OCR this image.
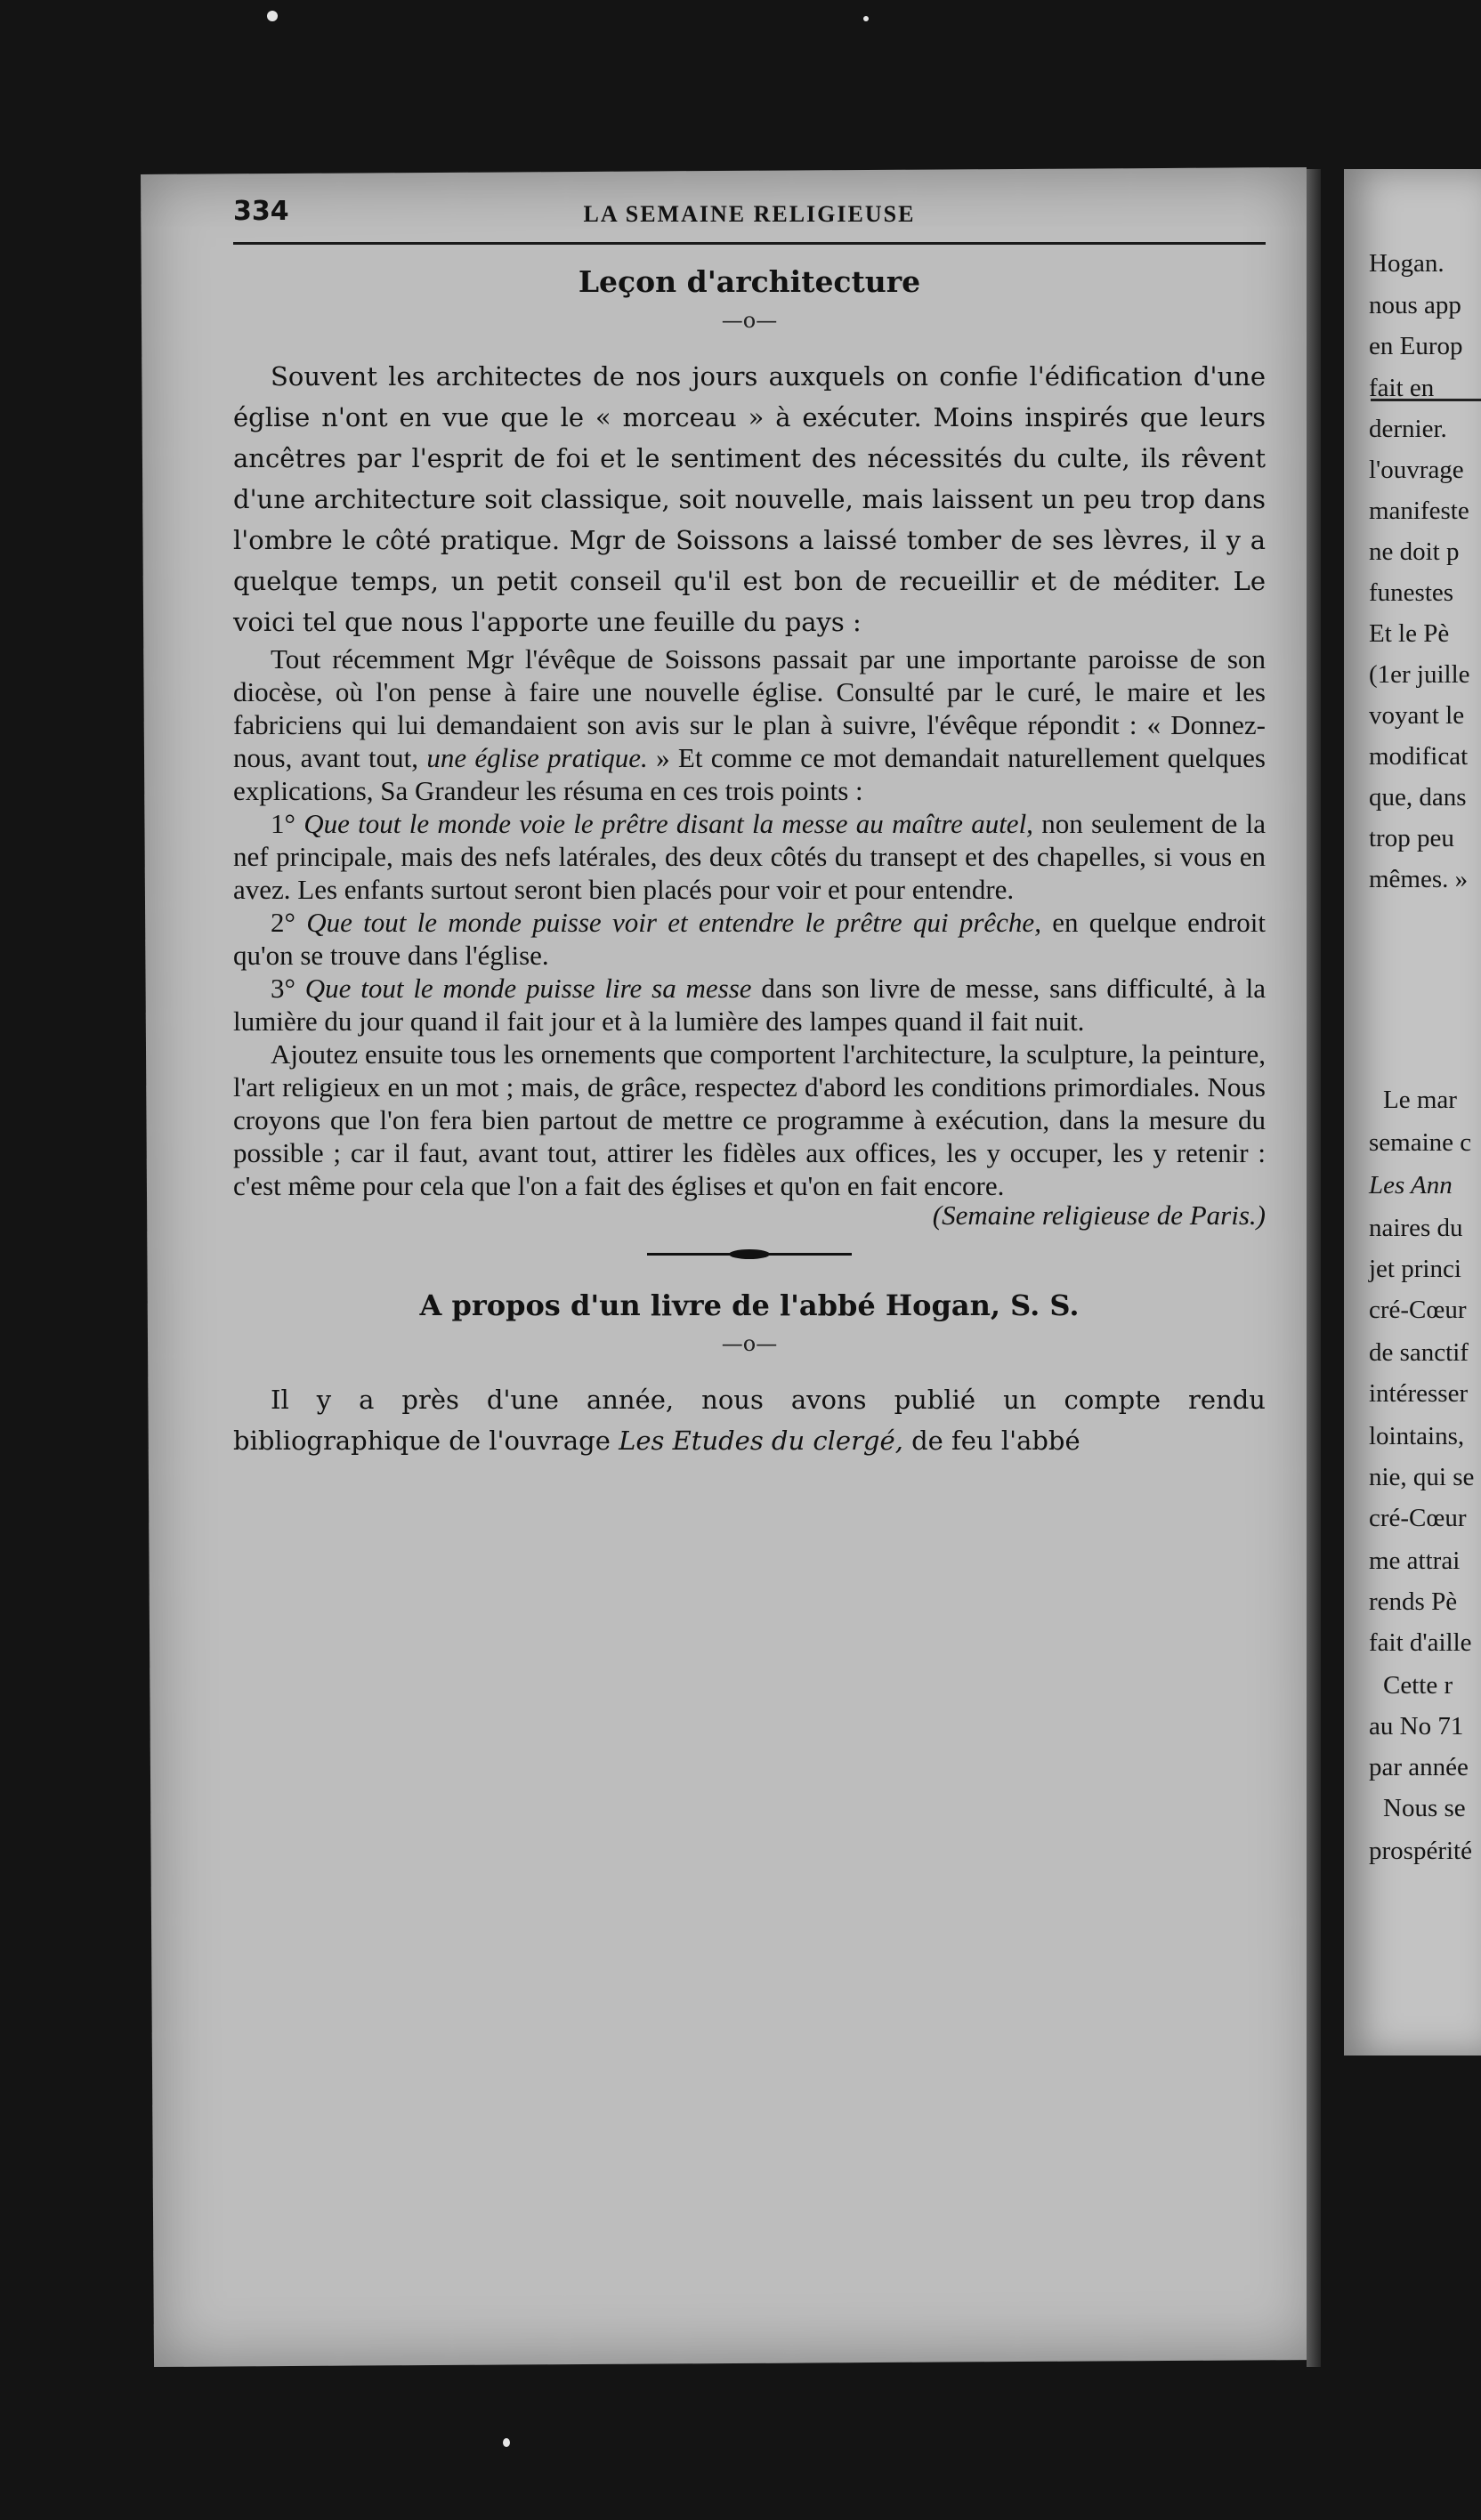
334	LA SEMAINE RELIGIEUSE
Leçon d'architecture
—o—

Souvent les architectes de nos jours auxquels on confie l'édification d'une église n'ont en vue que le « morceau » à exécuter. Moins inspirés que leurs ancêtres par l'esprit de foi et le sentiment des nécessités du culte, ils rêvent d'une architecture soit classique, soit nouvelle, mais laissent un peu trop dans l'ombre le côté pratique. Mgr de Soissons a laissé tomber de ses lèvres, il y a quelque temps, un petit conseil qu'il est bon de recueillir et de méditer. Le voici tel que nous l'apporte une feuille du pays :

Tout récemment Mgr l'évêque de Soissons passait par une importante paroisse de son diocèse, où l'on pense à faire une nouvelle église. Consulté par le curé, le maire et les fabriciens qui lui demandaient son avis sur le plan à suivre, l'évêque répondit : « Donnez-nous, avant tout, une église pratique. » Et comme ce mot demandait naturellement quelques explications, Sa Grandeur les résuma en ces trois points :

1° Que tout le monde voie le prêtre disant la messe au maître autel, non seulement de la nef principale, mais des nefs latérales, des deux côtés du transept et des chapelles, si vous en avez. Les enfants surtout seront bien placés pour voir et pour entendre.

2° Que tout le monde puisse voir et entendre le prêtre qui prêche, en quelque endroit qu'on se trouve dans l'église.

3° Que tout le monde puisse lire sa messe dans son livre de messe, sans difficulté, à la lumière du jour quand il fait jour et à la lumière des lampes quand il fait nuit.

Ajoutez ensuite tous les ornements que comportent l'architecture, la sculpture, la peinture, l'art religieux en un mot ; mais, de grâce, respectez d'abord les conditions primordiales. Nous croyons que l'on fera bien partout de mettre ce programme à exécution, dans la mesure du possible ; car il faut, avant tout, attirer les fidèles aux offices, les y occuper, les y retenir : c'est même pour cela que l'on a fait des églises et qu'on en fait encore.

(Semaine religieuse de Paris.)

A propos d'un livre de l'abbé Hogan, S. S.
—o—

Il y a près d'une année, nous avons publié un compte rendu bibliographique de l'ouvrage Les Etudes du clergé, de feu l'abbé

Hogan.
nous app
en Europ
fait en
dernier.
l'ouvrage
manifeste
ne doit p
funestes
Et le Pè
(1er juille
voyant le
modificat
que, dans
trop peu
mêmes. »
Le mar
semaine c
Les Ann
naires du
jet princi
cré-Cœur
de sanctif
intéresser
lointains,
nie, qui se
cré-Cœur
me attrai
rends Pè
fait d'aille
Cette r
au No 71
par année
Nous se
prospérité
